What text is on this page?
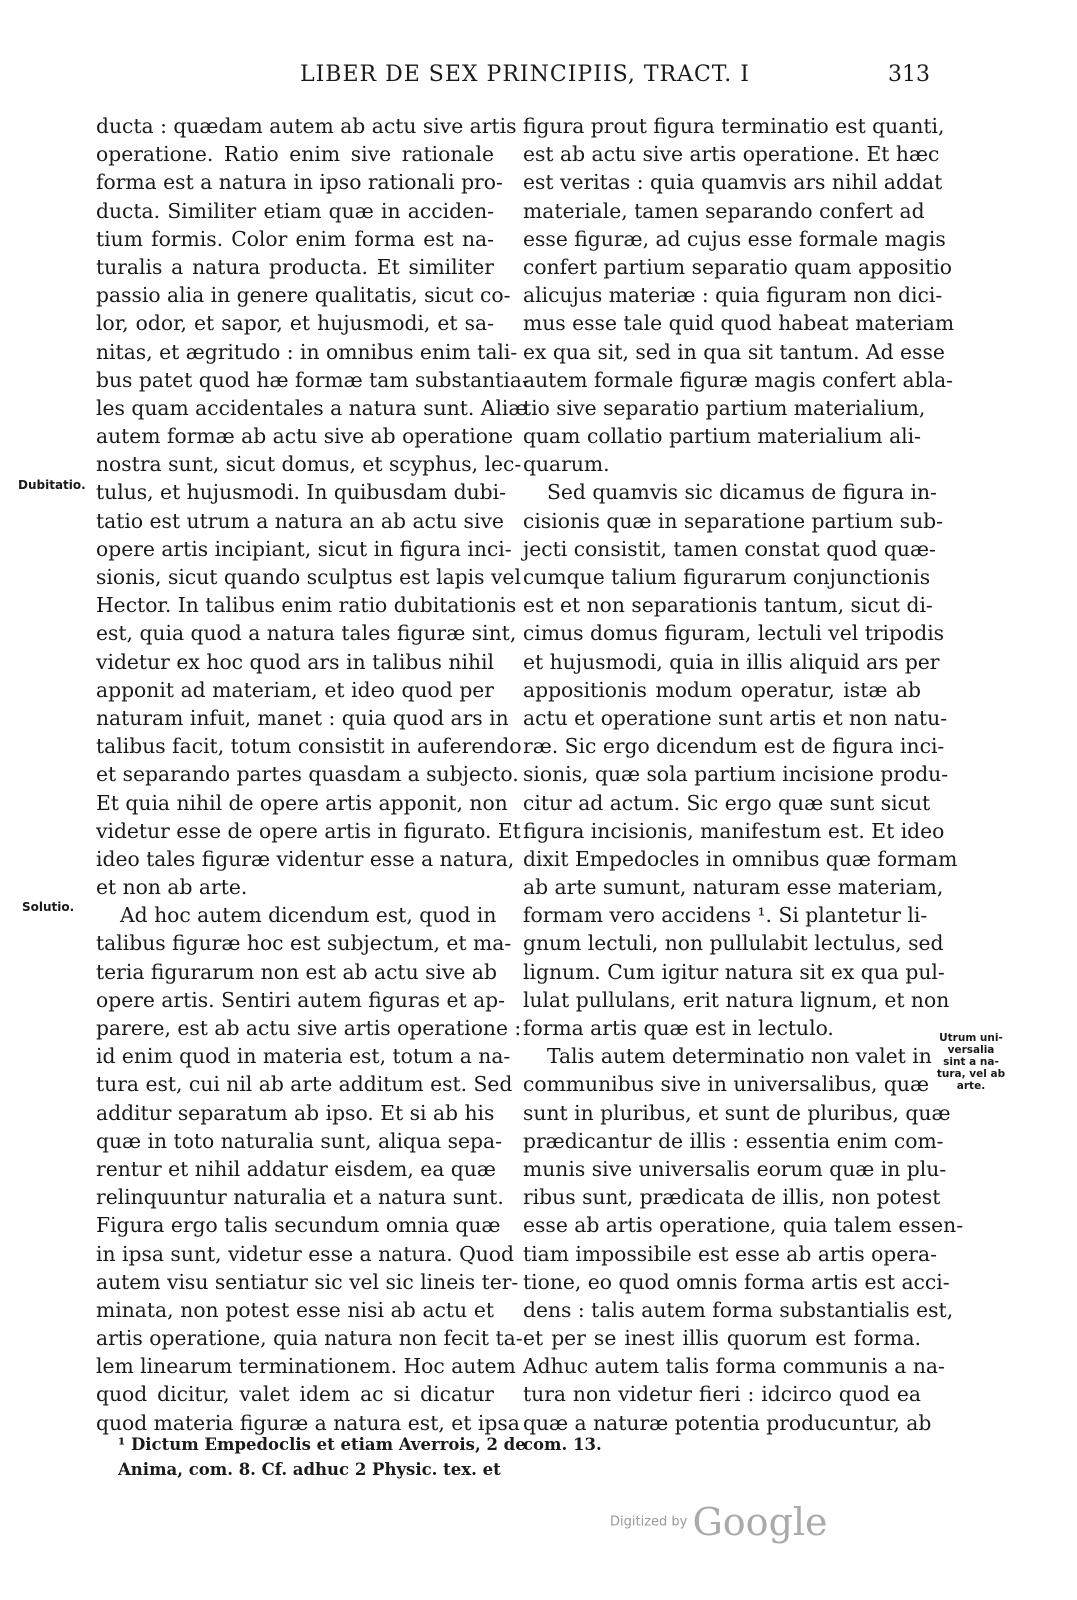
LIBER DE SEX PRINCIPIIS, TRACT. I	313
ducta : quædam autem ab actu sive artis
operatione. Ratio enim sive rationale
forma est a natura in ipso rationali pro-
ducta. Similiter etiam quæ in acciden-
tium formis. Color enim forma est na-
turalis a natura producta. Et similiter
passio alia in genere qualitatis, sicut co-
lor, odor, et sapor, et hujusmodi, et sa-
nitas, et ægritudo : in omnibus enim tali-
bus patet quod hæ formæ tam substantia-
les quam accidentales a natura sunt. Aliæ
autem formæ ab actu sive ab operatione
nostra sunt, sicut domus, et scyphus, lec-
tulus, et hujusmodi. In quibusdam dubi-
tatio est utrum a natura an ab actu sive
opere artis incipiant, sicut in figura inci-
sionis, sicut quando sculptus est lapis vel
Hector. In talibus enim ratio dubitationis
est, quia quod a natura tales figuræ sint,
videtur ex hoc quod ars in talibus nihil
apponit ad materiam, et ideo quod per
naturam infuit, manet : quia quod ars in
talibus facit, totum consistit in auferendo
et separando partes quasdam a subjecto.
Et quia nihil de opere artis apponit, non
videtur esse de opere artis in figurato. Et
ideo tales figuræ videntur esse a natura,
et non ab arte.
Ad hoc autem dicendum est, quod in
talibus figuræ hoc est subjectum, et ma-
teria figurarum non est ab actu sive ab
opere artis. Sentiri autem figuras et ap-
parere, est ab actu sive artis operatione :
id enim quod in materia est, totum a na-
tura est, cui nil ab arte additum est. Sed
additur separatum ab ipso. Et si ab his
quæ in toto naturalia sunt, aliqua sepa-
rentur et nihil addatur eisdem, ea quæ
relinquuntur naturalia et a natura sunt.
Figura ergo talis secundum omnia quæ
in ipsa sunt, videtur esse a natura. Quod
autem visu sentiatur sic vel sic lineis ter-
minata, non potest esse nisi ab actu et
artis operatione, quia natura non fecit ta-
lem linearum terminationem. Hoc autem
quod dicitur, valet idem ac si dicatur
quod materia figuræ a natura est, et ipsa
figura prout figura terminatio est quanti,
est ab actu sive artis operatione. Et hæc
est veritas : quia quamvis ars nihil addat
materiale, tamen separando confert ad
esse figuræ, ad cujus esse formale magis
confert partium separatio quam appositio
alicujus materiæ : quia figuram non dici-
mus esse tale quid quod habeat materiam
ex qua sit, sed in qua sit tantum. Ad esse
autem formale figuræ magis confert abla-
tio sive separatio partium materialium,
quam collatio partium materialium ali-
quarum.
Sed quamvis sic dicamus de figura in-
cisionis quæ in separatione partium sub-
jecti consistit, tamen constat quod quæ-
cumque talium figurarum conjunctionis
est et non separationis tantum, sicut di-
cimus domus figuram, lectuli vel tripodis
et hujusmodi, quia in illis aliquid ars per
appositionis modum operatur, istæ ab
actu et operatione sunt artis et non natu-
ræ. Sic ergo dicendum est de figura inci-
sionis, quæ sola partium incisione produ-
citur ad actum. Sic ergo quæ sunt sicut
figura incisionis, manifestum est. Et ideo
dixit Empedocles in omnibus quæ formam
ab arte sumunt, naturam esse materiam,
formam vero accidens ¹. Si plantetur li-
gnum lectuli, non pullulabit lectulus, sed
lignum. Cum igitur natura sit ex qua pul-
lulat pullulans, erit natura lignum, et non
forma artis quæ est in lectulo.
Talis autem determinatio non valet in
communibus sive in universalibus, quæ
sunt in pluribus, et sunt de pluribus, quæ
prædicantur de illis : essentia enim com-
munis sive universalis eorum quæ in plu-
ribus sunt, prædicata de illis, non potest
esse ab artis operatione, quia talem essen-
tiam impossibile est esse ab artis opera-
tione, eo quod omnis forma artis est acci-
dens : talis autem forma substantialis est,
et per se inest illis quorum est forma.
Adhuc autem talis forma communis a na-
tura non videtur fieri : idcirco quod ea
quæ a naturæ potentia producuntur, ab
Dubitatio.
Solutio.
Utrum uni-
versalia
sint a na-
tura, vel ab
arte.
¹ Dictum Empedoclis et etiam Averrois, 2 de
Anima, com. 8. Cf. adhuc 2 Physic. tex. et
com. 13.
Digitized by Google
